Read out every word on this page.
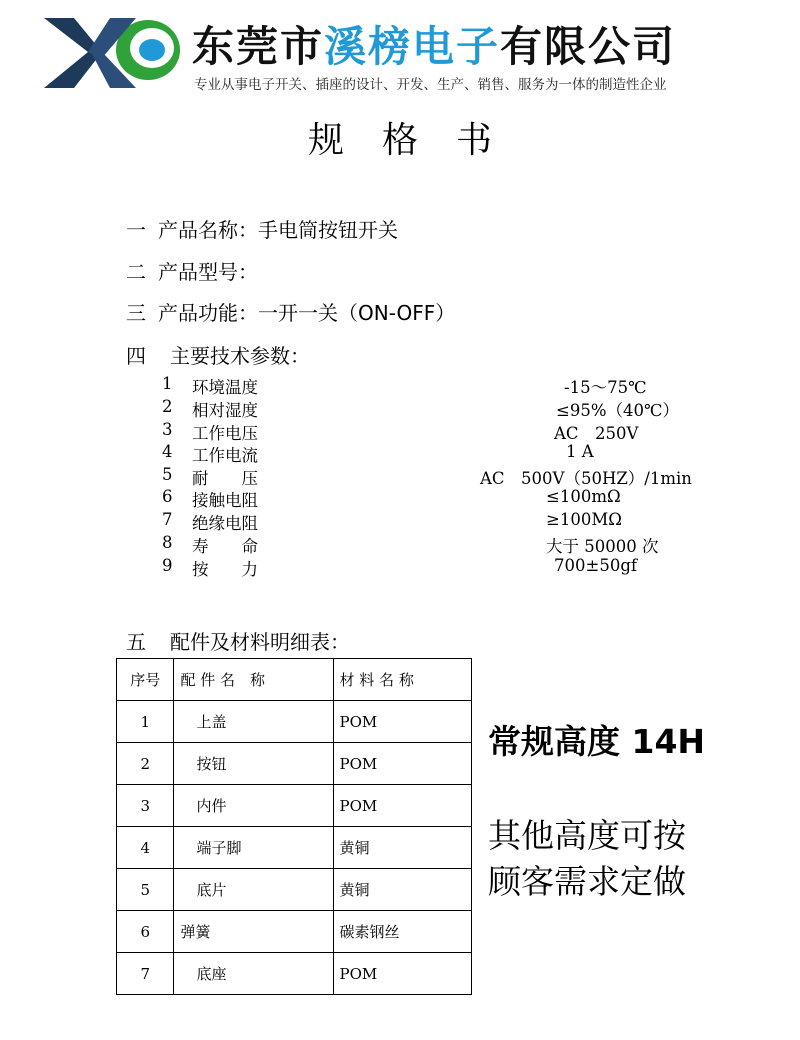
东莞市溪榜电子有限公司
专业从事电子开关、插座的设计、开发、生产、销售、服务为一体的制造性企业
规格书
一 产品名称：手电筒按钮开关
二 产品型号：
三 产品功能：一开一关（ON-OFF）
四 主要技术参数：
1 环境温度	-15～75℃
2 相对湿度	≤95%（40℃）
3 工作电压	AC　250V
4 工作电流	1 A
5 耐　　压	AC　500V（50HZ）/1min
6 接触电阻	≤100mΩ
7 绝缘电阻	≥100MΩ
8 寿　　命	大于 50000 次
9 按　　力	700±50gf
五 配件及材料明细表：
序号	配 件 名　称	材 料 名 称
1	上盖	POM
2	按钮	POM
3	内件	POM
4	端子脚	黄铜
5	底片	黄铜
6	弹簧	碳素钢丝
7	底座	POM
常规高度 14H
其他高度可按
顾客需求定做
